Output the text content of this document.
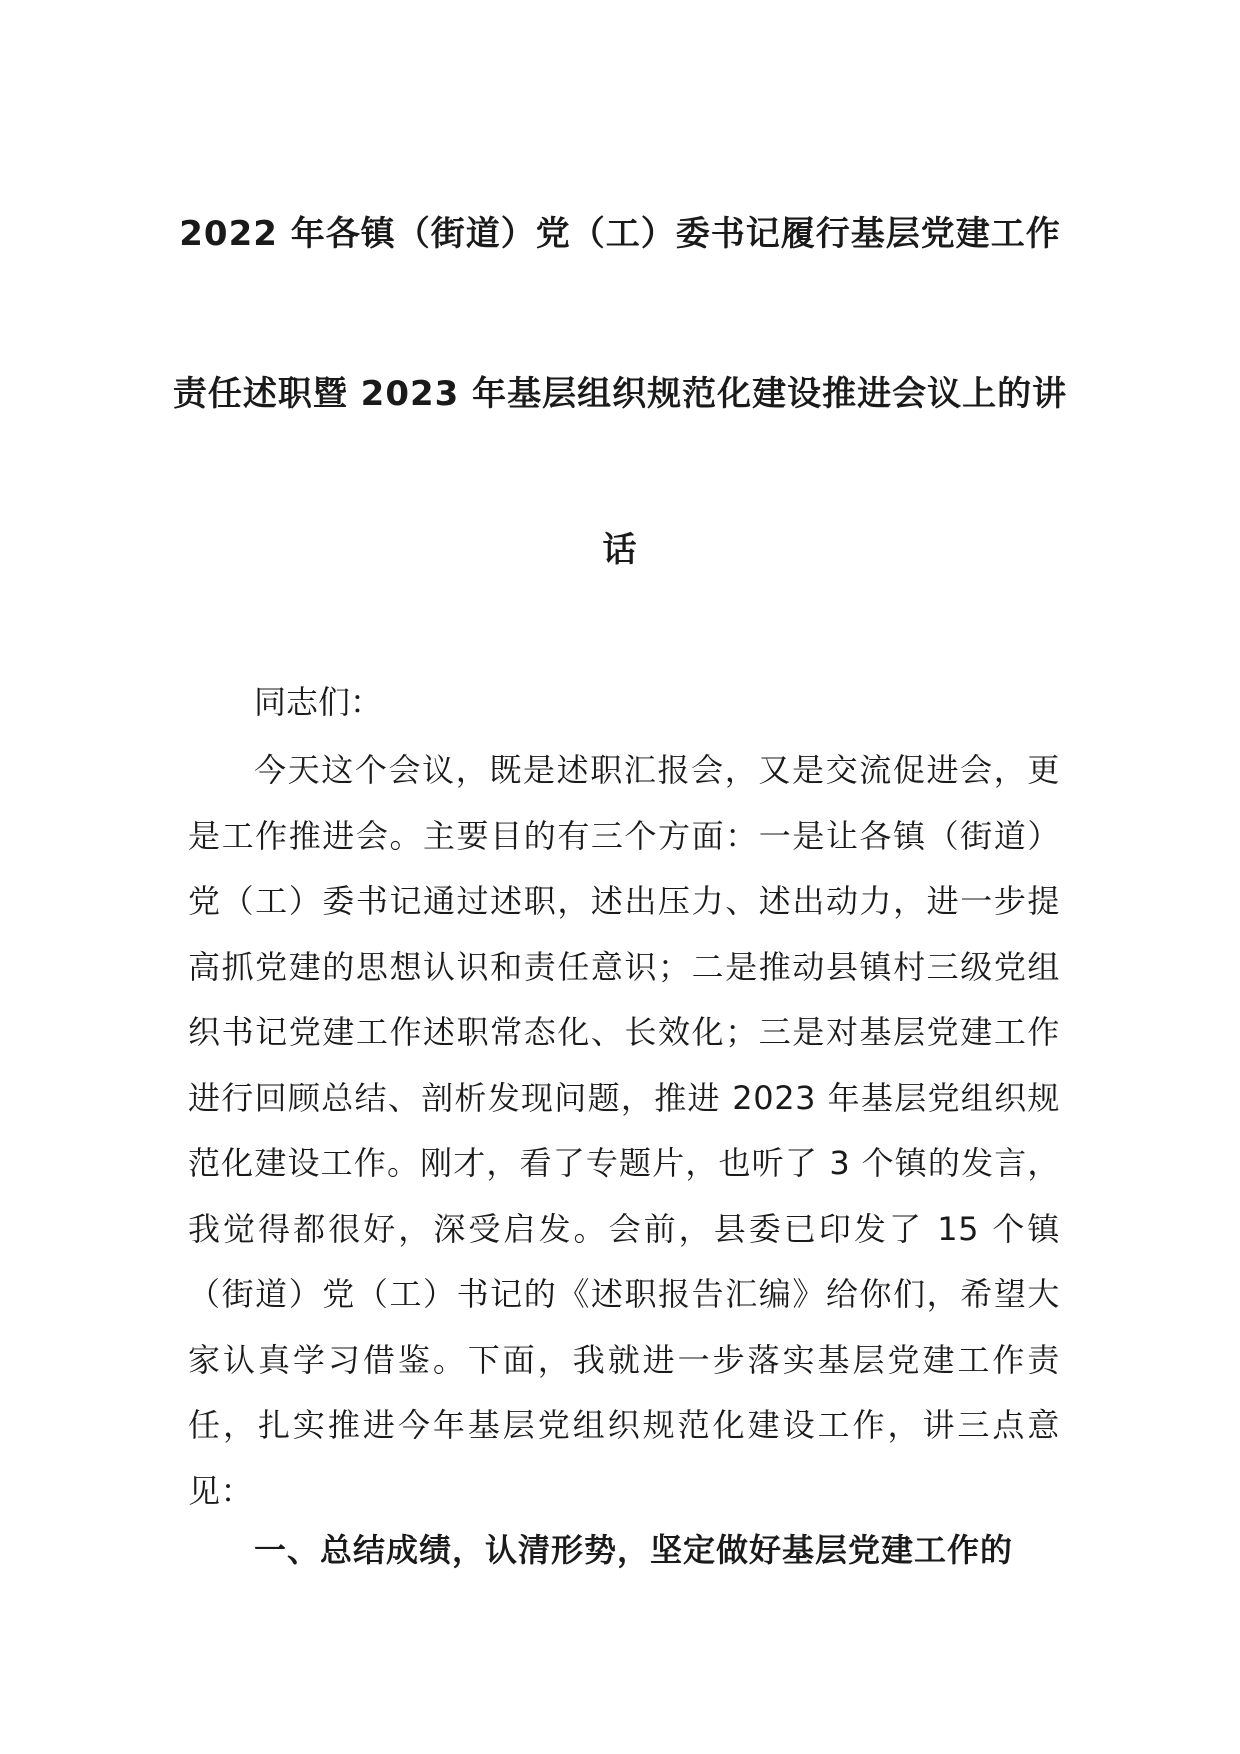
2022 年各镇（街道）党（工）委书记履行基层党建工作
责任述职暨 2023 年基层组织规范化建设推进会议上的讲
话
同志们：
今天这个会议，既是述职汇报会，又是交流促进会，更是工作推进会。主要目的有三个方面：一是让各镇（街道）党（工）委书记通过述职，述出压力、述出动力，进一步提高抓党建的思想认识和责任意识；二是推动县镇村三级党组织书记党建工作述职常态化、长效化；三是对基层党建工作进行回顾总结、剖析发现问题，推进 2023 年基层党组织规范化建设工作。刚才，看了专题片，也听了 3 个镇的发言，我觉得都很好，深受启发。会前，县委已印发了 15 个镇（街道）党（工）书记的《述职报告汇编》给你们，希望大家认真学习借鉴。下面，我就进一步落实基层党建工作责任，扎实推进今年基层党组织规范化建设工作，讲三点意见：
一、总结成绩，认清形势，坚定做好基层党建工作的
